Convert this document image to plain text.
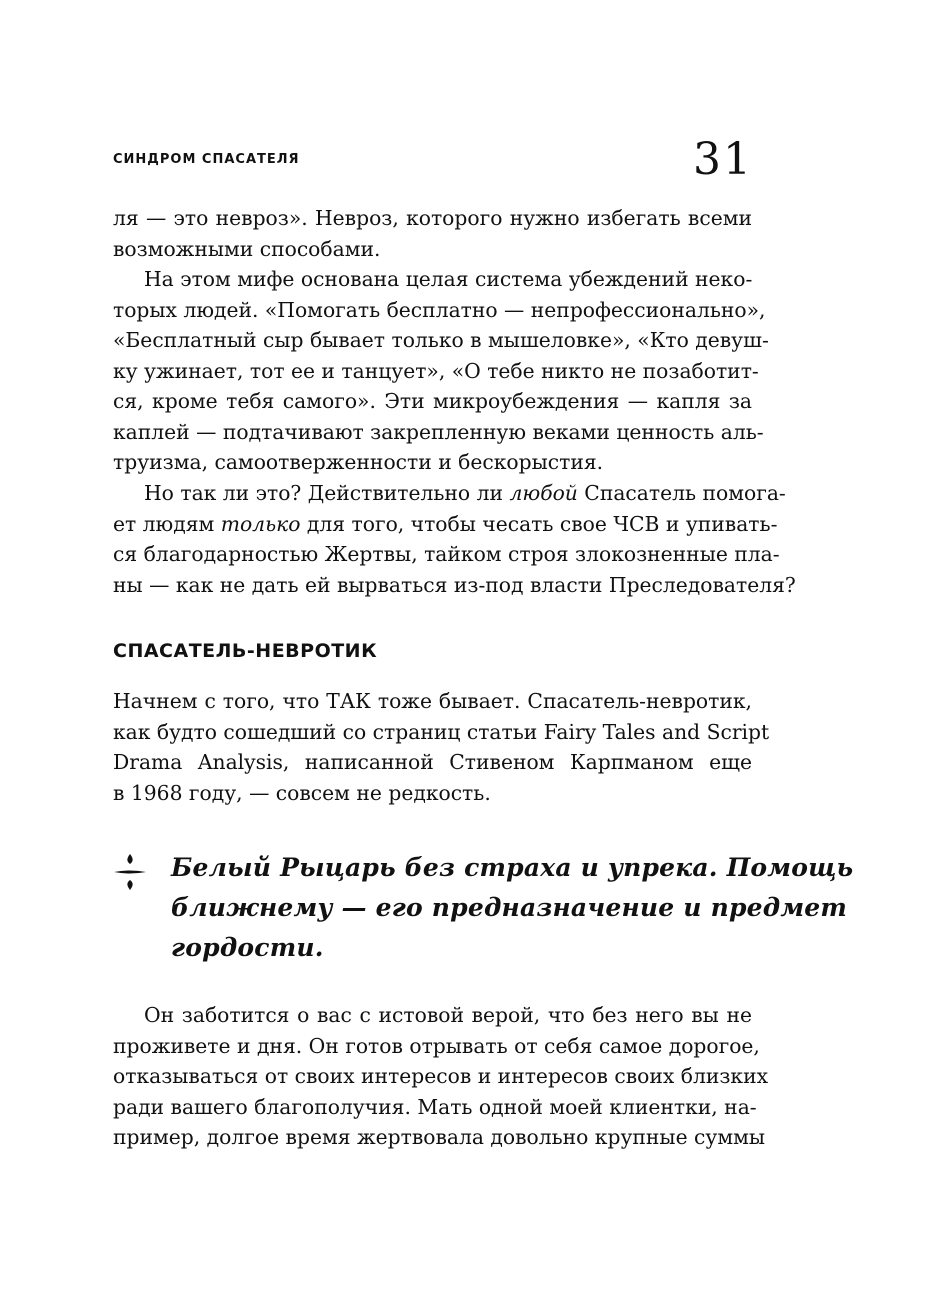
СИНДРОМ СПАСАТЕЛЯ	31
ля — это невроз». Невроз, которого нужно избегать всеми
возможными способами.
На этом мифе основана целая система убеждений неко-
торых людей. «Помогать бесплатно — непрофессионально»,
«Бесплатный сыр бывает только в мышеловке», «Кто девуш-
ку ужинает, тот ее и танцует», «О тебе никто не позаботит-
ся, кроме тебя самого». Эти микроубеждения — капля за
каплей — подтачивают закрепленную веками ценность аль-
труизма, самоотверженности и бескорыстия.
Но так ли это? Действительно ли любой Спасатель помога-
ет людям только для того, чтобы чесать свое ЧСВ и упивать-
ся благодарностью Жертвы, тайком строя злокозненные пла-
ны — как не дать ей вырваться из-под власти Преследователя?
СПАСАТЕЛЬ-НЕВРОТИК
Начнем с того, что ТАК тоже бывает. Спасатель-невротик,
как будто сошедший со страниц статьи Fairy Tales and Script
Drama Analysis, написанной Стивеном Карпманом еще
в 1968 году, — совсем не редкость.
Белый Рыцарь без страха и упрека. Помощь
ближнему — его предназначение и предмет
гордости.
Он заботится о вас с истовой верой, что без него вы не
проживете и дня. Он готов отрывать от себя самое дорогое,
отказываться от своих интересов и интересов своих близких
ради вашего благополучия. Мать одной моей клиентки, на-
пример, долгое время жертвовала довольно крупные суммы
